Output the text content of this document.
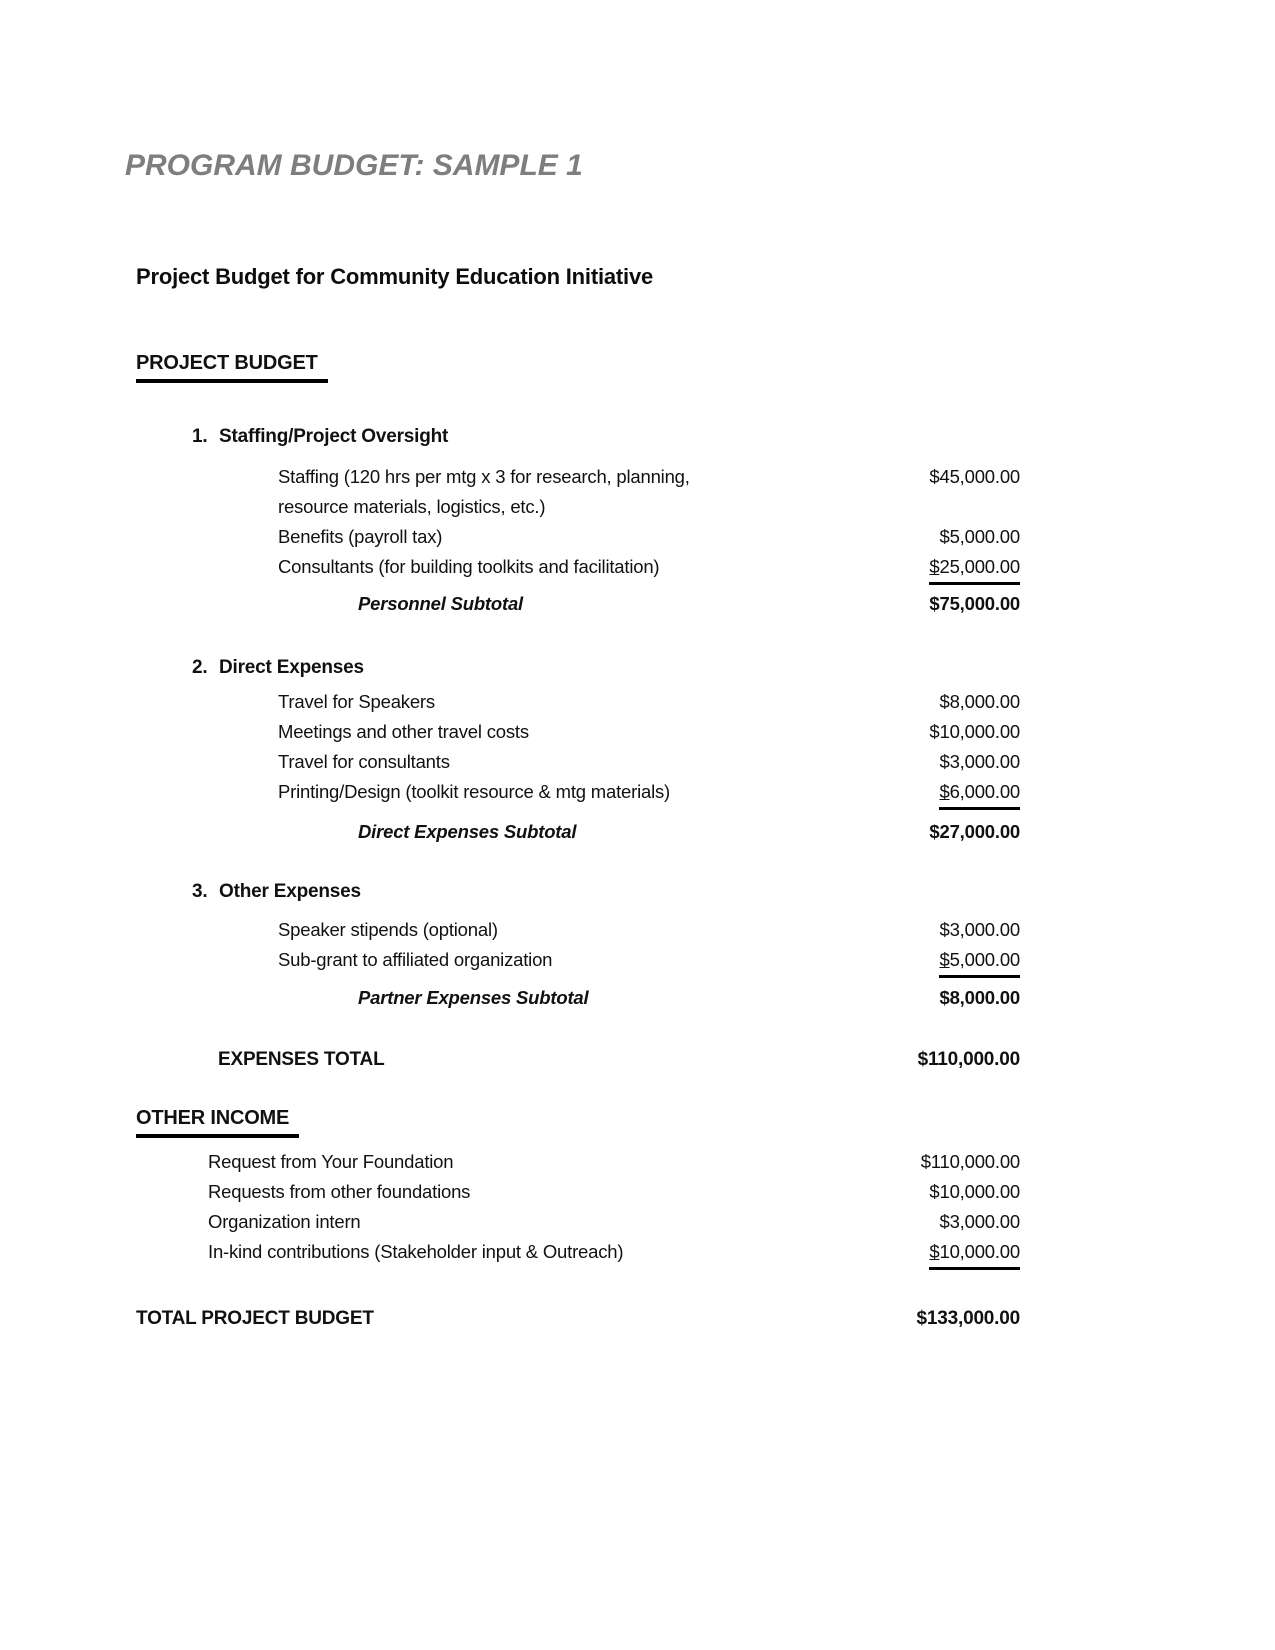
PROGRAM BUDGET: SAMPLE 1
Project Budget for Community Education Initiative
PROJECT BUDGET
1. Staffing/Project Oversight
Staffing (120 hrs per mtg x 3 for research, planning,
resource materials, logistics, etc.)
$45,000.00
Benefits (payroll tax)	$5,000.00
Consultants (for building toolkits and facilitation)	$25,000.00
Personnel Subtotal	$75,000.00
2. Direct Expenses
Travel for Speakers	$8,000.00
Meetings and other travel costs	$10,000.00
Travel for consultants	$3,000.00
Printing/Design (toolkit resource & mtg materials)	$6,000.00
Direct Expenses Subtotal	$27,000.00
3. Other Expenses
Speaker stipends (optional)	$3,000.00
Sub-grant to affiliated organization	$5,000.00
Partner Expenses Subtotal	$8,000.00
EXPENSES TOTAL	$110,000.00
OTHER INCOME
Request from Your Foundation	$110,000.00
Requests from other foundations	$10,000.00
Organization intern	$3,000.00
In-kind contributions (Stakeholder input & Outreach)	$10,000.00
TOTAL PROJECT BUDGET	$133,000.00
